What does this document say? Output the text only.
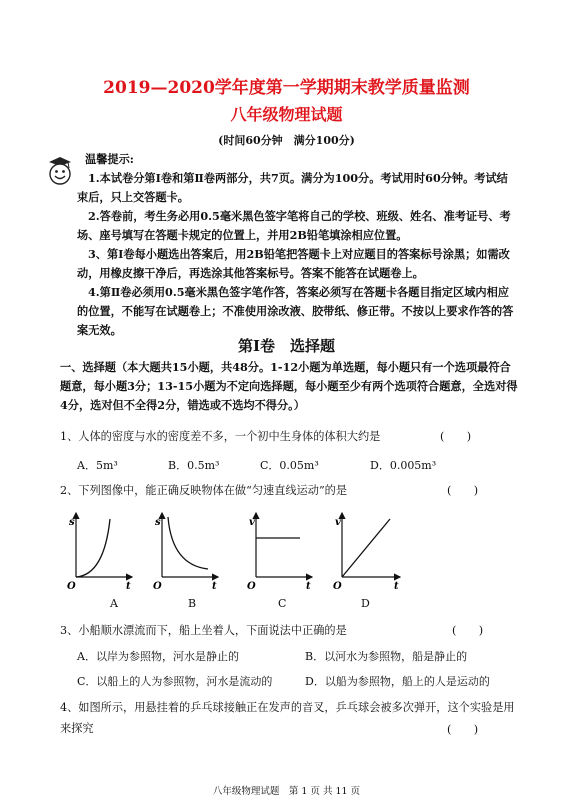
2019—2020学年度第一学期期末教学质量监测
八年级物理试题
(时间60分钟　满分100分)
温馨提示:
1.本试卷分第Ⅰ卷和第Ⅱ卷两部分，共7页。满分为100分。考试用时60分钟。考试结束后，只上交答题卡。
2.答卷前，考生务必用0.5毫米黑色签字笔将自己的学校、班级、姓名、准考证号、考场、座号填写在答题卡规定的位置上，并用2B铅笔填涂相应位置。
3、第Ⅰ卷每小题选出答案后，用2B铅笔把答题卡上对应题目的答案标号涂黑；如需改动，用橡皮擦干净后，再选涂其他答案标号。答案不能答在试题卷上。
4.第Ⅱ卷必须用0.5毫米黑色签字笔作答，答案必须写在答题卡各题目指定区域内相应的位置，不能写在试题卷上；不准使用涂改液、胶带纸、修正带。不按以上要求作答的答案无效。
第Ⅰ卷　选择题
一、选择题（本大题共15小题，共48分。1-12小题为单选题，每小题只有一个选项最符合题意，每小题3分；13-15小题为不定向选择题，每小题至少有两个选项符合题意，全选对得4分，选对但不全得2分，错选或不选均不得分。）
1、人体的密度与水的密度差不多，一个初中生身体的体积大约是	(　　)
A．5m³	B．0.5m³	C．0.05m³	D．0.005m³
2、下列图像中，能正确反映物体在做“匀速直线运动”的是	(　　)
s
t
O
s
t
O
v
t
O
v
t
O
A	B	C	D
3、小船顺水漂流而下，船上坐着人，下面说法中正确的是	(　　)
A．以岸为参照物，河水是静止的	B．以河水为参照物，船是静止的
C．以船上的人为参照物，河水是流动的	D．以船为参照物，船上的人是运动的
4、如图所示，用悬挂着的乒乓球接触正在发声的音叉，乒乓球会被多次弹开，这个实验是用来探究	(　　)
八年级物理试题　第 1 页 共 11 页
